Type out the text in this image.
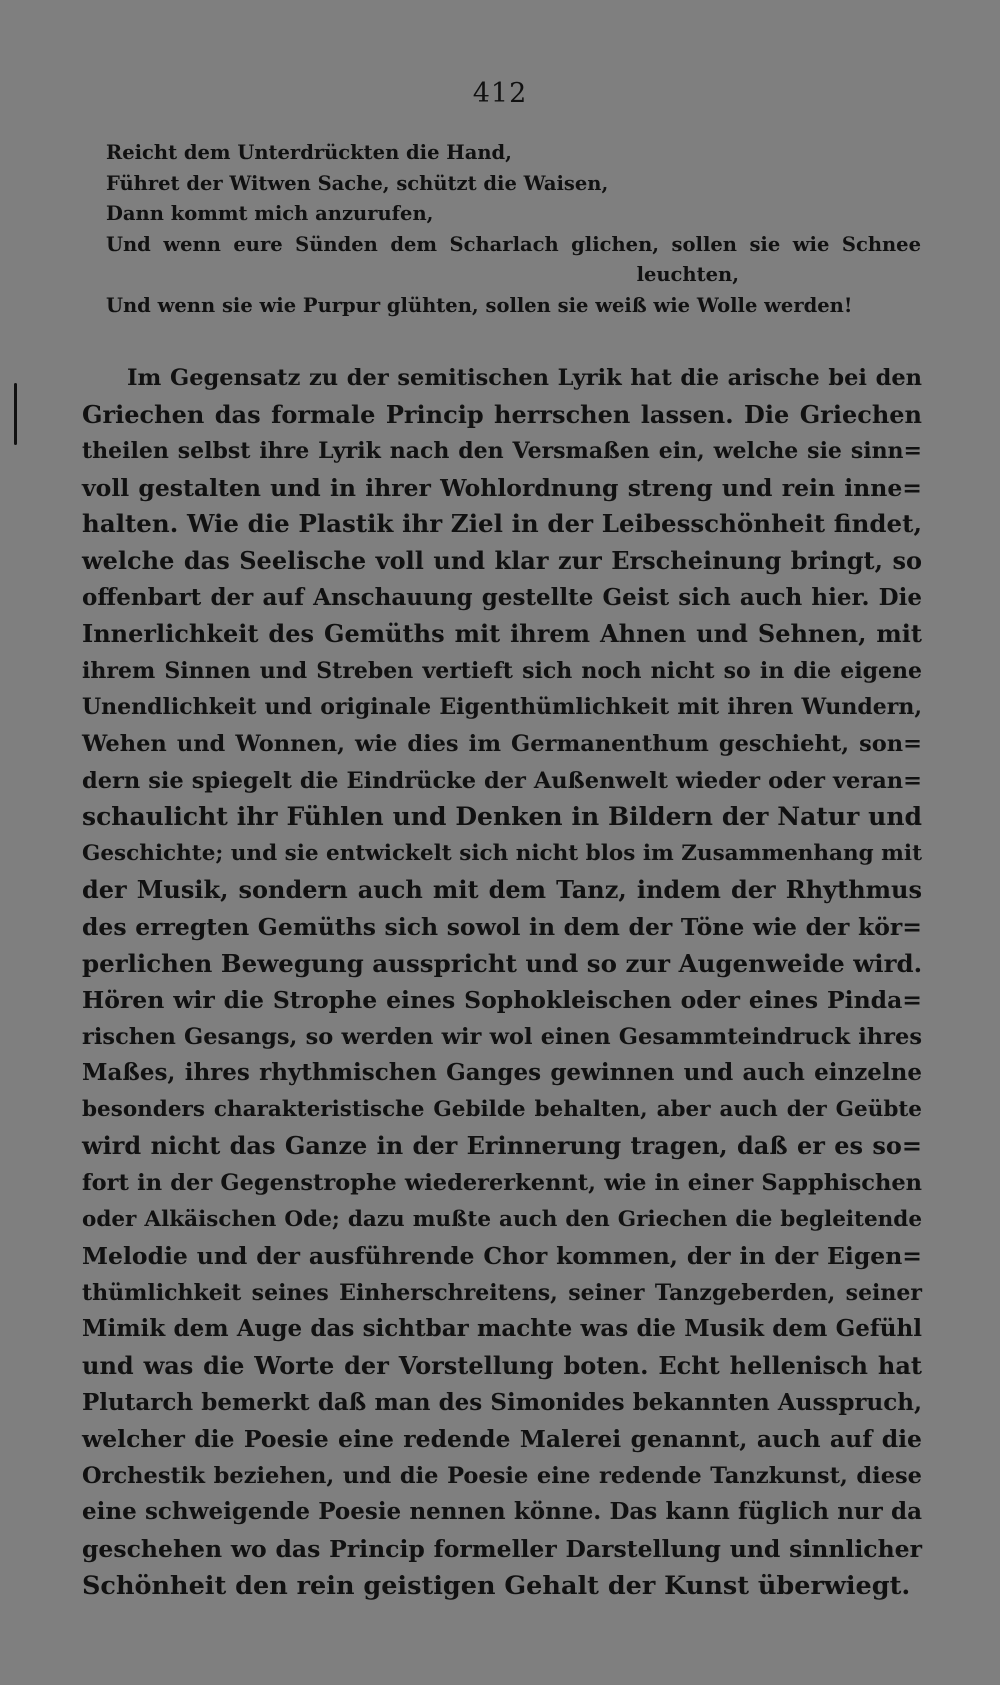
412
Reicht dem Unterdrückten die Hand,
Führet der Witwen Sache, schützt die Waisen,
Dann kommt mich anzurufen,
Und wenn eure Sünden dem Scharlach glichen, sollen sie wie Schnee
leuchten,
Und wenn sie wie Purpur glühten, sollen sie weiß wie Wolle werden!
Im Gegensatz zu der semitischen Lyrik hat die arische bei den
Griechen das formale Princip herrschen lassen. Die Griechen
theilen selbst ihre Lyrik nach den Versmaßen ein, welche sie sinn=
voll gestalten und in ihrer Wohlordnung streng und rein inne=
halten. Wie die Plastik ihr Ziel in der Leibesschönheit findet,
welche das Seelische voll und klar zur Erscheinung bringt, so
offenbart der auf Anschauung gestellte Geist sich auch hier. Die
Innerlichkeit des Gemüths mit ihrem Ahnen und Sehnen, mit
ihrem Sinnen und Streben vertieft sich noch nicht so in die eigene
Unendlichkeit und originale Eigenthümlichkeit mit ihren Wundern,
Wehen und Wonnen, wie dies im Germanenthum geschieht, son=
dern sie spiegelt die Eindrücke der Außenwelt wieder oder veran=
schaulicht ihr Fühlen und Denken in Bildern der Natur und
Geschichte; und sie entwickelt sich nicht blos im Zusammenhang mit
der Musik, sondern auch mit dem Tanz, indem der Rhythmus
des erregten Gemüths sich sowol in dem der Töne wie der kör=
perlichen Bewegung ausspricht und so zur Augenweide wird.
Hören wir die Strophe eines Sophokleischen oder eines Pinda=
rischen Gesangs, so werden wir wol einen Gesammteindruck ihres
Maßes, ihres rhythmischen Ganges gewinnen und auch einzelne
besonders charakteristische Gebilde behalten, aber auch der Geübte
wird nicht das Ganze in der Erinnerung tragen, daß er es so=
fort in der Gegenstrophe wiedererkennt, wie in einer Sapphischen
oder Alkäischen Ode; dazu mußte auch den Griechen die begleitende
Melodie und der ausführende Chor kommen, der in der Eigen=
thümlichkeit seines Einherschreitens, seiner Tanzgeberden, seiner
Mimik dem Auge das sichtbar machte was die Musik dem Gefühl
und was die Worte der Vorstellung boten. Echt hellenisch hat
Plutarch bemerkt daß man des Simonides bekannten Ausspruch,
welcher die Poesie eine redende Malerei genannt, auch auf die
Orchestik beziehen, und die Poesie eine redende Tanzkunst, diese
eine schweigende Poesie nennen könne. Das kann füglich nur da
geschehen wo das Princip formeller Darstellung und sinnlicher
Schönheit den rein geistigen Gehalt der Kunst überwiegt.
